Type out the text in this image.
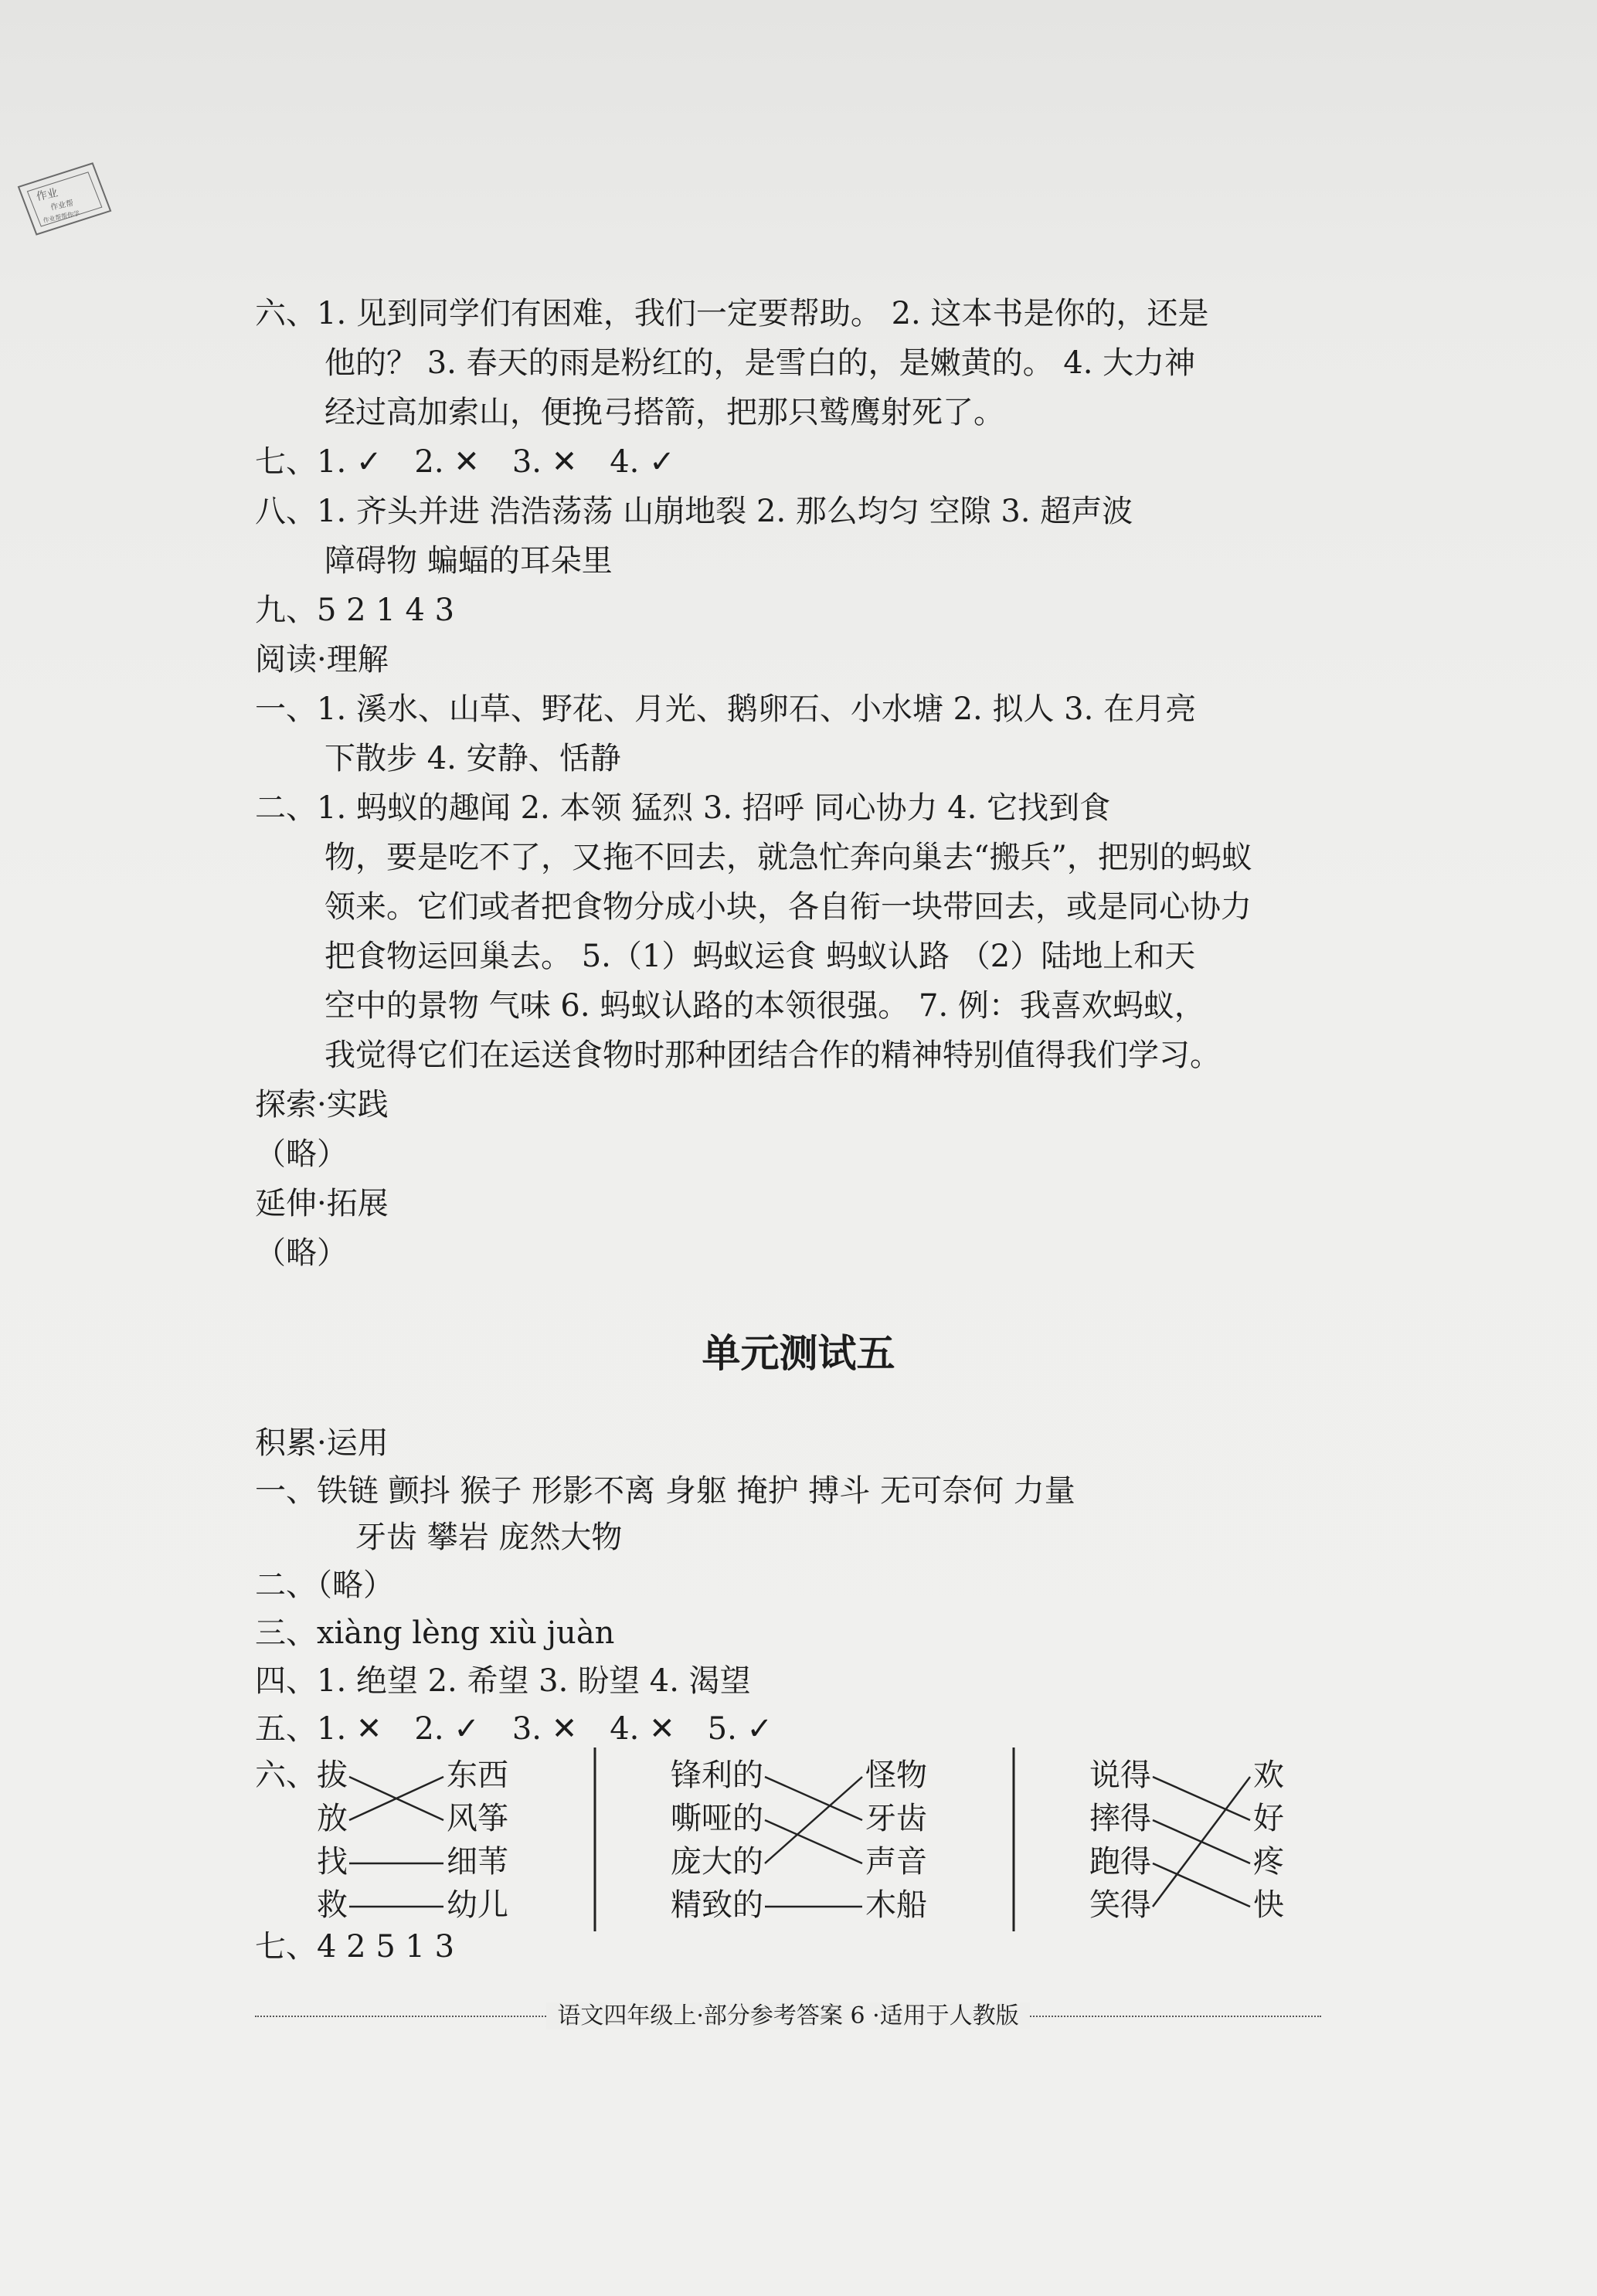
作业
作业帮
作业帮帮你学
六、1. 见到同学们有困难，我们一定要帮助。 2. 这本书是你的，还是
他的？ 3. 春天的雨是粉红的，是雪白的，是嫩黄的。 4. 大力神
经过高加索山，便挽弓搭箭，把那只鹫鹰射死了。
七、1. ✓ 2. ✕ 3. ✕ 4. ✓
八、1. 齐头并进 浩浩荡荡 山崩地裂 2. 那么均匀 空隙 3. 超声波
障碍物 蝙蝠的耳朵里
九、5 2 1 4 3
阅读·理解
一、1. 溪水、山草、野花、月光、鹅卵石、小水塘 2. 拟人 3. 在月亮
下散步 4. 安静、恬静
二、1. 蚂蚁的趣闻 2. 本领 猛烈 3. 招呼 同心协力 4. 它找到食
物，要是吃不了，又拖不回去，就急忙奔向巢去“搬兵”，把别的蚂蚁
领来。它们或者把食物分成小块，各自衔一块带回去，或是同心协力
把食物运回巢去。 5.（1）蚂蚁运食 蚂蚁认路 （2）陆地上和天
空中的景物 气味 6. 蚂蚁认路的本领很强。 7. 例：我喜欢蚂蚁，
我觉得它们在运送食物时那种团结合作的精神特别值得我们学习。
探索·实践
（略）
延伸·拓展
（略）
单元测试五
积累·运用
一、铁链 颤抖 猴子 形影不离 身躯 掩护 搏斗 无可奈何 力量
牙齿 攀岩 庞然大物
二、（略）
三、xiàng lèng xiù juàn
四、1. 绝望 2. 希望 3. 盼望 4. 渴望
五、1. ✕ 2. ✓ 3. ✕ 4. ✕ 5. ✓
六、 拔
放
找
救
东西
风筝
细苇
幼儿
锋利的
嘶哑的
庞大的
精致的
怪物
牙齿
声音
木船
说得
摔得
跑得
笑得
欢
好
疼
快
七、4 2 5 1 3
语文四年级上·部分参考答案 6 ·适用于人教版
